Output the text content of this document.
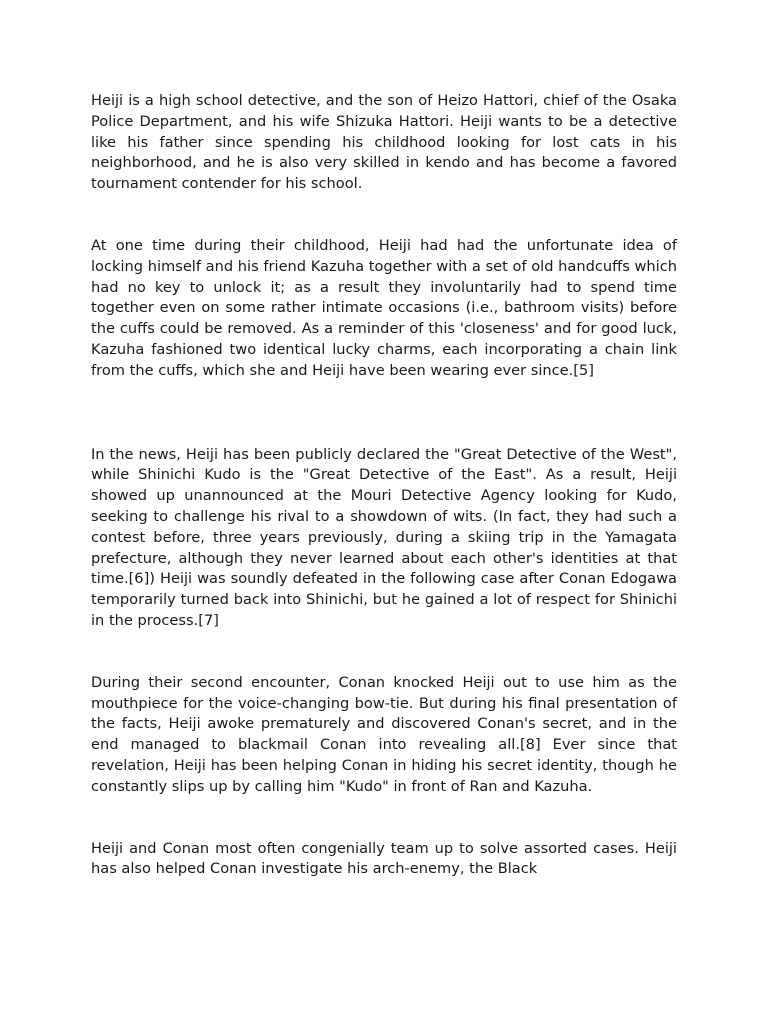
Heiji is a high school detective, and the son of Heizo Hattori, chief of the Osaka Police Department, and his wife Shizuka Hattori. Heiji wants to be a detective like his father since spending his childhood looking for lost cats in his neighborhood, and he is also very skilled in kendo and has become a favored tournament contender for his school.

At one time during their childhood, Heiji had had the unfortunate idea of locking himself and his friend Kazuha together with a set of old handcuffs which had no key to unlock it; as a result they involuntarily had to spend time together even on some rather intimate occasions (i.e., bathroom visits) before the cuffs could be removed. As a reminder of this 'closeness' and for good luck, Kazuha fashioned two identical lucky charms, each incorporating a chain link from the cuffs, which she and Heiji have been wearing ever since.[5]

In the news, Heiji has been publicly declared the "Great Detective of the West", while Shinichi Kudo is the "Great Detective of the East". As a result, Heiji showed up unannounced at the Mouri Detective Agency looking for Kudo, seeking to challenge his rival to a showdown of wits. (In fact, they had such a contest before, three years previously, during a skiing trip in the Yamagata prefecture, although they never learned about each other's identities at that time.[6]) Heiji was soundly defeated in the following case after Conan Edogawa temporarily turned back into Shinichi, but he gained a lot of respect for Shinichi in the process.[7]

During their second encounter, Conan knocked Heiji out to use him as the mouthpiece for the voice-changing bow-tie. But during his final presentation of the facts, Heiji awoke prematurely and discovered Conan's secret, and in the end managed to blackmail Conan into revealing all.[8] Ever since that revelation, Heiji has been helping Conan in hiding his secret identity, though he constantly slips up by calling him "Kudo" in front of Ran and Kazuha.

Heiji and Conan most often congenially team up to solve assorted cases. Heiji has also helped Conan investigate his arch-enemy, the Black
